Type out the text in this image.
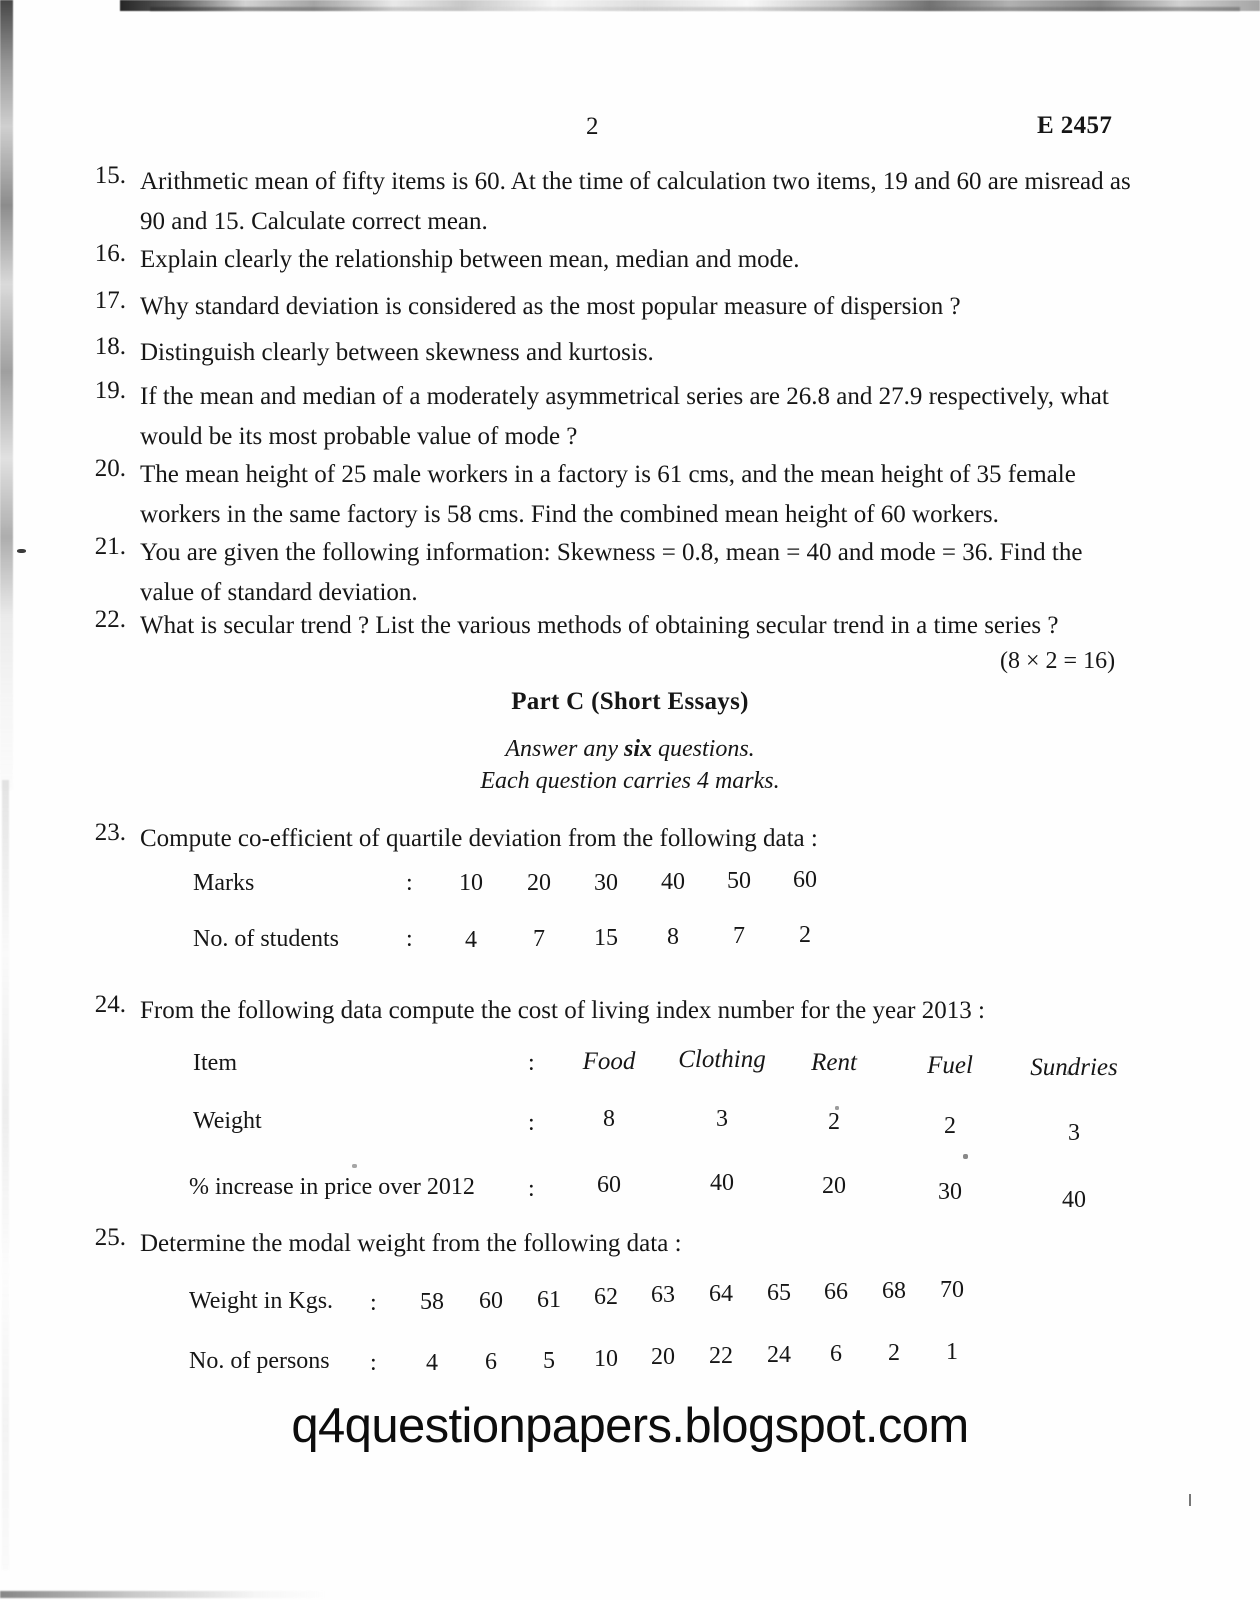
2	E 2457
15. Arithmetic mean of fifty items is 60. At the time of calculation two items, 19 and 60 are misread as
90 and 15. Calculate correct mean.
16. Explain clearly the relationship between mean, median and mode.
17. Why standard deviation is considered as the most popular measure of dispersion ?
18. Distinguish clearly between skewness and kurtosis.
19. If the mean and median of a moderately asymmetrical series are 26.8 and 27.9 respectively, what
would be its most probable value of mode ?
20. The mean height of 25 male workers in a factory is 61 cms, and the mean height of 35 female
workers in the same factory is 58 cms. Find the combined mean height of 60 workers.
21. You are given the following information: Skewness = 0.8, mean = 40 and mode = 36. Find the
value of standard deviation.
22. What is secular trend ? List the various methods of obtaining secular trend in a time series ?
(8 × 2 = 16)
Part C (Short Essays)
Answer any six questions.
Each question carries 4 marks.
23. Compute co-efficient of quartile deviation from the following data :
Marks	:	10	20	30	40	50	60
No. of students	:	4	7	15	8	7	2
24. From the following data compute the cost of living index number for the year 2013 :
Item	:	Food	Clothing	Rent	Fuel	Sundries
Weight	:	8	3	2	2	3
% increase in price over 2012 :	60	40	20	30	40
25. Determine the modal weight from the following data :
Weight in Kgs. :	58	60	61	62	63	64	65	66	68	70
No. of persons :	4	6	5	10	20	22	24	6	2	1
q4questionpapers.blogspot.com
